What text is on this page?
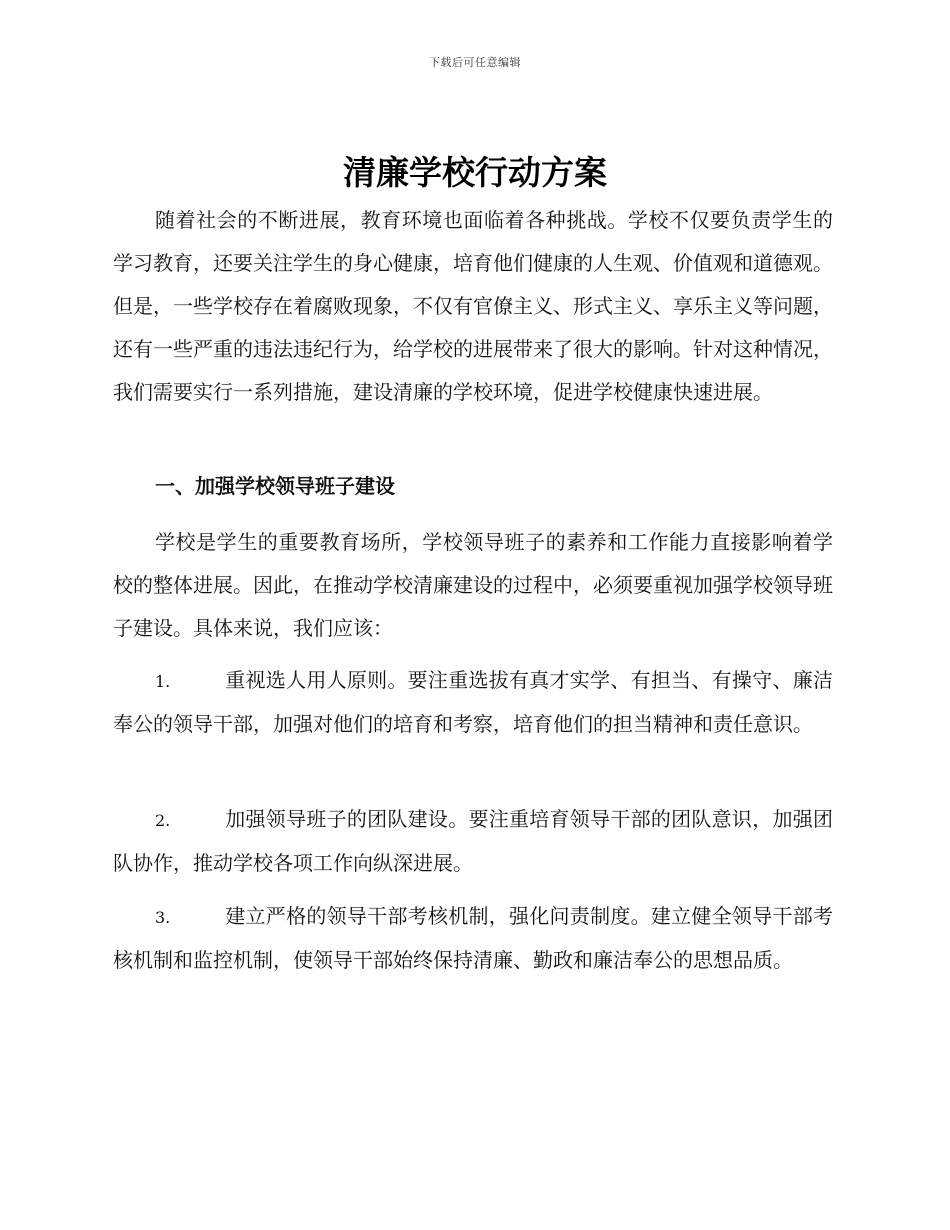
下载后可任意编辑
清廉学校行动方案

随着社会的不断进展，教育环境也面临着各种挑战。学校不仅要负责学生的学习教育，还要关注学生的身心健康，培育他们健康的人生观、价值观和道德观。但是，一些学校存在着腐败现象，不仅有官僚主义、形式主义、享乐主义等问题，还有一些严重的违法违纪行为，给学校的进展带来了很大的影响。针对这种情况，我们需要实行一系列措施，建设清廉的学校环境，促进学校健康快速进展。

一、加强学校领导班子建设

学校是学生的重要教育场所，学校领导班子的素养和工作能力直接影响着学校的整体进展。因此，在推动学校清廉建设的过程中，必须要重视加强学校领导班子建设。具体来说，我们应该：

1.	重视选人用人原则。要注重选拔有真才实学、有担当、有操守、廉洁奉公的领导干部，加强对他们的培育和考察，培育他们的担当精神和责任意识。

2.	加强领导班子的团队建设。要注重培育领导干部的团队意识，加强团队协作，推动学校各项工作向纵深进展。

3.	建立严格的领导干部考核机制，强化问责制度。建立健全领导干部考核机制和监控机制，使领导干部始终保持清廉、勤政和廉洁奉公的思想品质。
